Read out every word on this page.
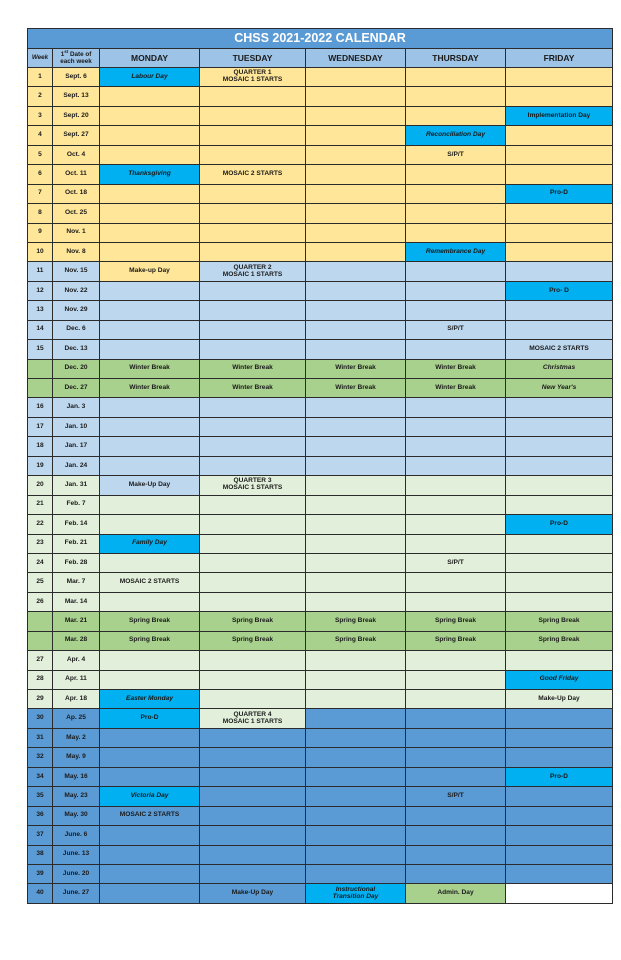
CHSS 2021-2022 CALENDAR						
Week	1st Date of each week	MONDAY	TUESDAY	WEDNESDAY	THURSDAY	FRIDAY
1	Sept. 6	Labour Day	QUARTER 1
MOSAIC 1 STARTS			
2	Sept. 13					
3	Sept. 20					Implementation Day
4	Sept. 27				Reconciliation Day	
5	Oct. 4				S/P/T	
6	Oct. 11	Thanksgiving	MOSAIC 2 STARTS			
7	Oct. 18					Pro-D
8	Oct. 25					
9	Nov. 1					
10	Nov. 8				Remembrance Day	
11	Nov. 15	Make-up Day	QUARTER 2
MOSAIC 1 STARTS			
12	Nov. 22					Pro- D
13	Nov. 29					
14	Dec. 6				S/P/T	
15	Dec. 13					MOSAIC 2 STARTS
	Dec. 20	Winter Break	Winter Break	Winter Break	Winter Break	Christmas
	Dec. 27	Winter Break	Winter Break	Winter Break	Winter Break	New Year's
16	Jan. 3					
17	Jan. 10					
18	Jan. 17					
19	Jan. 24					
20	Jan. 31	Make-Up Day	QUARTER 3
MOSAIC 1 STARTS			
21	Feb. 7					
22	Feb. 14					Pro-D
23	Feb. 21	Family Day				
24	Feb. 28				S/P/T	
25	Mar. 7	MOSAIC 2 STARTS				
26	Mar. 14					
	Mar. 21	Spring Break	Spring Break	Spring Break	Spring Break	Spring Break
	Mar. 28	Spring Break	Spring Break	Spring Break	Spring Break	Spring Break
27	Apr. 4					
28	Apr. 11					Good Friday
29	Apr. 18	Easter Monday				Make-Up Day
30	Ap. 25	Pro-D	QUARTER 4
MOSAIC 1 STARTS			
31	May. 2					
32	May. 9					
34	May. 16					Pro-D
35	May. 23	Victoria Day			S/P/T	
36	May. 30	MOSAIC 2 STARTS				
37	June. 6					
38	June. 13					
39	June. 20					
40	June. 27		Make-Up Day	Instructional
Transition Day	Admin. Day	
